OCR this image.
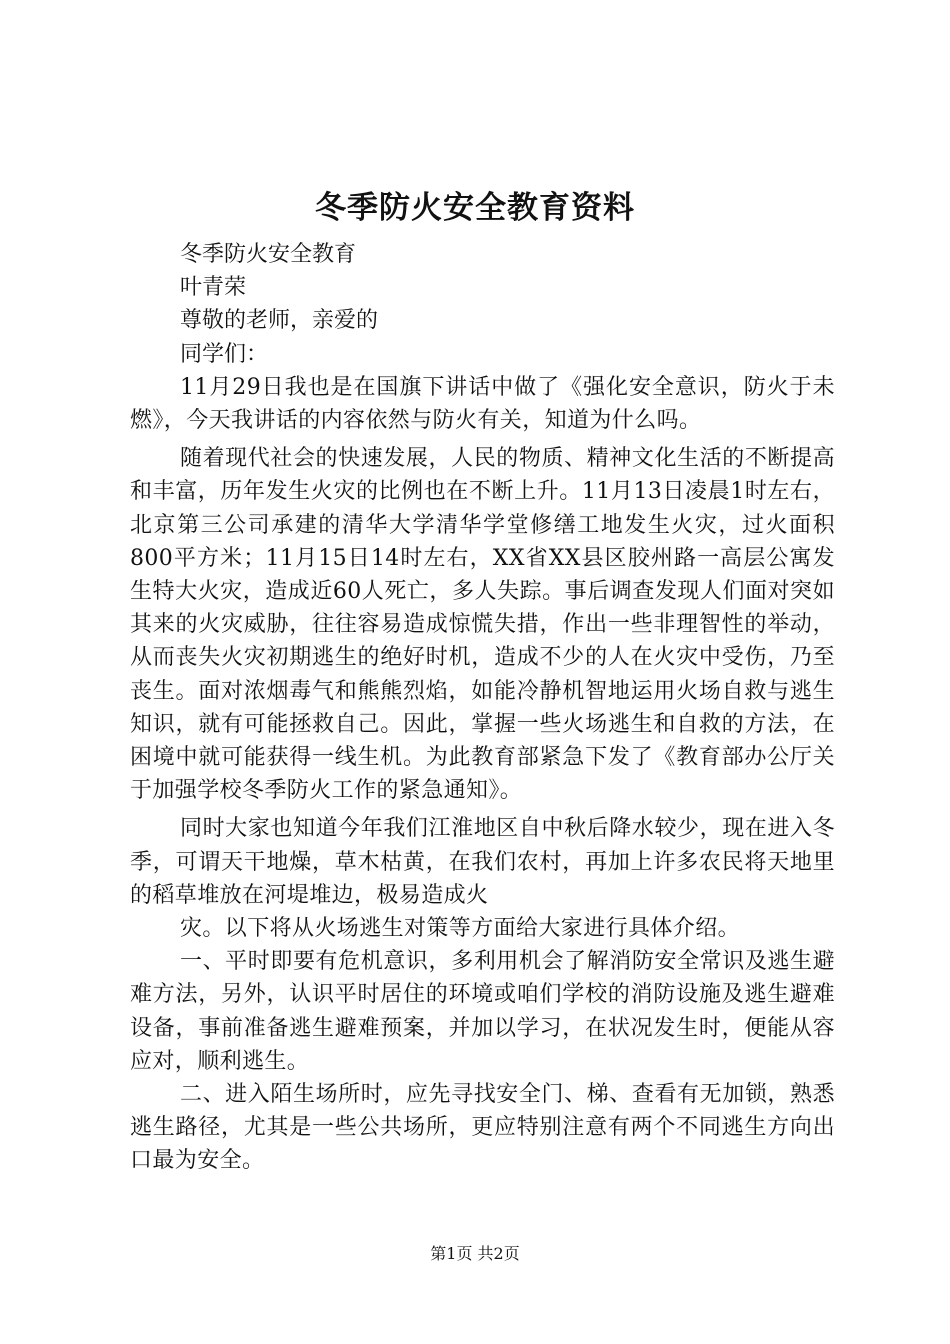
冬季防火安全教育资料

冬季防火安全教育

叶青荣

尊敬的老师，亲爱的

同学们：

11月29日我也是在国旗下讲话中做了《强化安全意识，防火于未燃》，今天我讲话的内容依然与防火有关，知道为什么吗。

随着现代社会的快速发展，人民的物质、精神文化生活的不断提高和丰富，历年发生火灾的比例也在不断上升。11月13日凌晨1时左右，北京第三公司承建的清华大学清华学堂修缮工地发生火灾，过火面积800平方米；11月15日14时左右，XX省XX县区胶州路一高层公寓发生特大火灾，造成近60人死亡，多人失踪。事后调查发现人们面对突如其来的火灾威胁，往往容易造成惊慌失措，作出一些非理智性的举动，从而丧失火灾初期逃生的绝好时机，造成不少的人在火灾中受伤，乃至丧生。面对浓烟毒气和熊熊烈焰，如能冷静机智地运用火场自救与逃生知识，就有可能拯救自己。因此，掌握一些火场逃生和自救的方法，在困境中就可能获得一线生机。为此教育部紧急下发了《教育部办公厅关于加强学校冬季防火工作的紧急通知》。

同时大家也知道今年我们江淮地区自中秋后降水较少，现在进入冬季，可谓天干地燥，草木枯黄，在我们农村，再加上许多农民将天地里的稻草堆放在河堤堆边，极易造成火

灾。以下将从火场逃生对策等方面给大家进行具体介绍。

一、平时即要有危机意识，多利用机会了解消防安全常识及逃生避难方法，另外，认识平时居住的环境或咱们学校的消防设施及逃生避难设备，事前准备逃生避难预案，并加以学习，在状况发生时，便能从容应对，顺利逃生。

二、进入陌生场所时，应先寻找安全门、梯、查看有无加锁，熟悉逃生路径，尤其是一些公共场所，更应特别注意有两个不同逃生方向出口最为安全。

第1页 共2页
